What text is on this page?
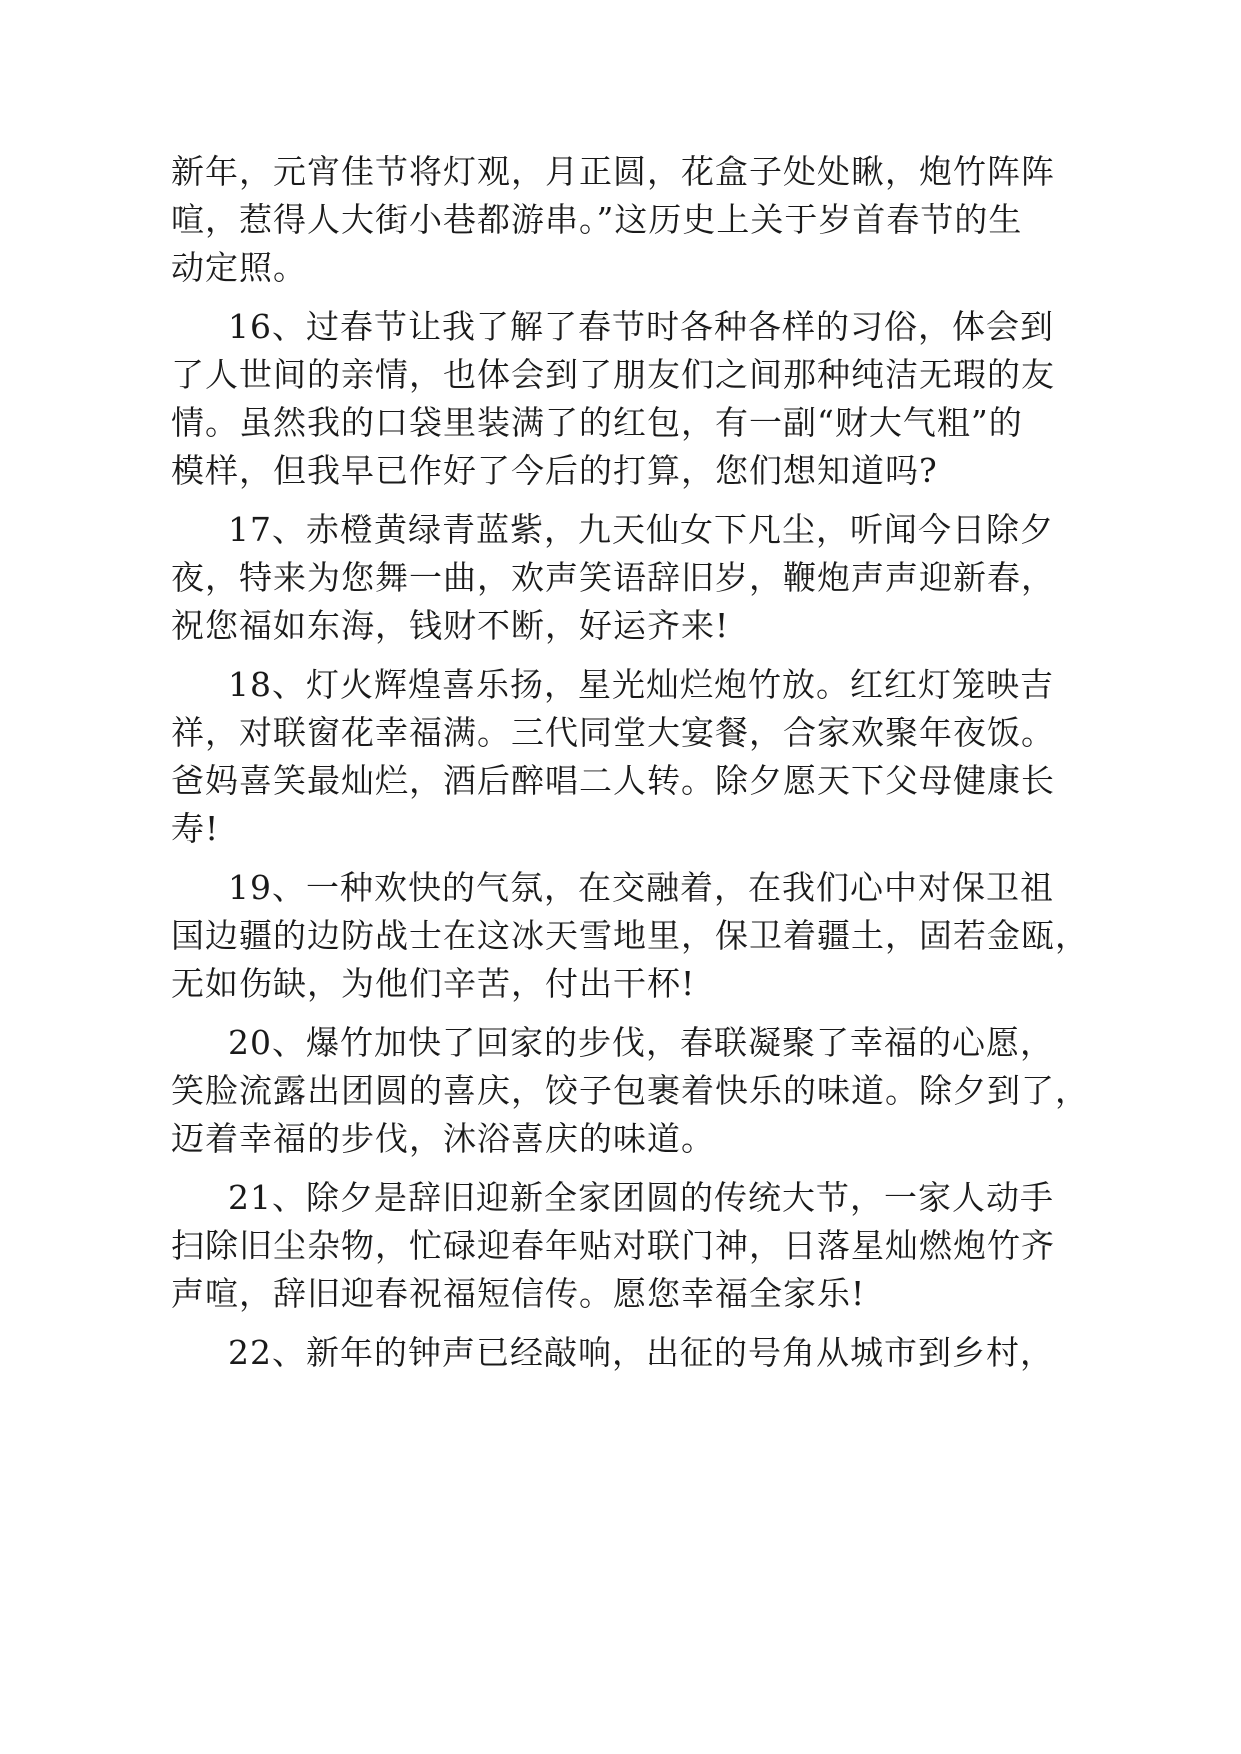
新年，元宵佳节将灯观，月正圆，花盒子处处瞅，炮竹阵阵
喧，惹得人大街小巷都游串。”这历史上关于岁首春节的生
动定照。
16、过春节让我了解了春节时各种各样的习俗，体会到
了人世间的亲情，也体会到了朋友们之间那种纯洁无瑕的友
情。虽然我的口袋里装满了的红包，有一副“财大气粗”的
模样，但我早已作好了今后的打算，您们想知道吗?
17、赤橙黄绿青蓝紫，九天仙女下凡尘，听闻今日除夕
夜，特来为您舞一曲，欢声笑语辞旧岁，鞭炮声声迎新春，
祝您福如东海，钱财不断，好运齐来!
18、灯火辉煌喜乐扬，星光灿烂炮竹放。红红灯笼映吉
祥，对联窗花幸福满。三代同堂大宴餐，合家欢聚年夜饭。
爸妈喜笑最灿烂，酒后醉唱二人转。除夕愿天下父母健康长
寿!
19、一种欢快的气氛，在交融着，在我们心中对保卫祖
国边疆的边防战士在这冰天雪地里，保卫着疆土，固若金瓯，
无如伤缺，为他们辛苦，付出干杯!
20、爆竹加快了回家的步伐，春联凝聚了幸福的心愿，
笑脸流露出团圆的喜庆，饺子包裹着快乐的味道。除夕到了，
迈着幸福的步伐，沐浴喜庆的味道。
21、除夕是辞旧迎新全家团圆的传统大节，一家人动手
扫除旧尘杂物，忙碌迎春年贴对联门神，日落星灿燃炮竹齐
声喧，辞旧迎春祝福短信传。愿您幸福全家乐!
22、新年的钟声已经敲响，出征的号角从城市到乡村，
